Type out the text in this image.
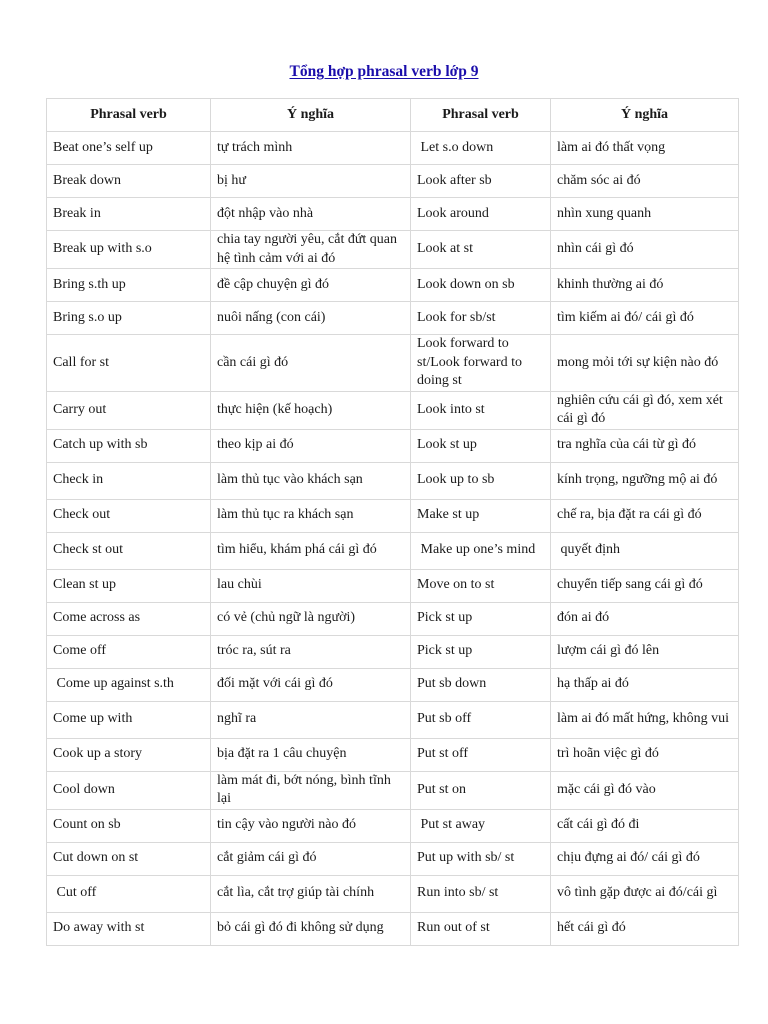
Tổng hợp phrasal verb lớp 9
Phrasal verb	Ý nghĩa	Phrasal verb	Ý nghĩa
Beat one’s self up	tự trách mình	Let s.o down	làm ai đó thất vọng
Break down	bị hư	Look after sb	chăm sóc ai đó
Break in	đột nhập vào nhà	Look around	nhìn xung quanh
Break up with s.o	chia tay người yêu, cắt đứt quan hệ tình cảm với ai đó	Look at st	nhìn cái gì đó
Bring s.th up	đề cập chuyện gì đó	Look down on sb	khinh thường ai đó
Bring s.o up	nuôi nấng (con cái)	Look for sb/st	tìm kiếm ai đó/ cái gì đó
Call for st	cần cái gì đó	Look forward to st/Look forward to doing st	mong mỏi tới sự kiện nào đó
Carry out	thực hiện (kế hoạch)	Look into st	nghiên cứu cái gì đó, xem xét cái gì đó
Catch up with sb	theo kịp ai đó	Look st up	tra nghĩa của cái từ gì đó
Check in	làm thủ tục vào khách sạn	Look up to sb	kính trọng, ngưỡng mộ ai đó
Check out	làm thủ tục ra khách sạn	Make st up	chế ra, bịa đặt ra cái gì đó
Check st out	tìm hiểu, khám phá cái gì đó	Make up one’s mind	quyết định
Clean st up	lau chùi	Move on to st	chuyển tiếp sang cái gì đó
Come across as	có vẻ (chủ ngữ là người)	Pick st up	đón ai đó
Come off	tróc ra, sút ra	Pick st up	lượm cái gì đó lên
Come up against s.th	đối mặt với cái gì đó	Put sb down	hạ thấp ai đó
Come up with	nghĩ ra	Put sb off	làm ai đó mất hứng, không vui
Cook up a story	bịa đặt ra 1 câu chuyện	Put st off	trì hoãn việc gì đó
Cool down	làm mát đi, bớt nóng, bình tĩnh lại	Put st on	mặc cái gì đó vào
Count on sb	tin cậy vào người nào đó	Put st away	cất cái gì đó đi
Cut down on st	cắt giảm cái gì đó	Put up with sb/ st	chịu đựng ai đó/ cái gì đó
Cut off	cắt lìa, cắt trợ giúp tài chính	Run into sb/ st	vô tình gặp được ai đó/cái gì
Do away with st	bỏ cái gì đó đi không sử dụng	Run out of st	hết cái gì đó
